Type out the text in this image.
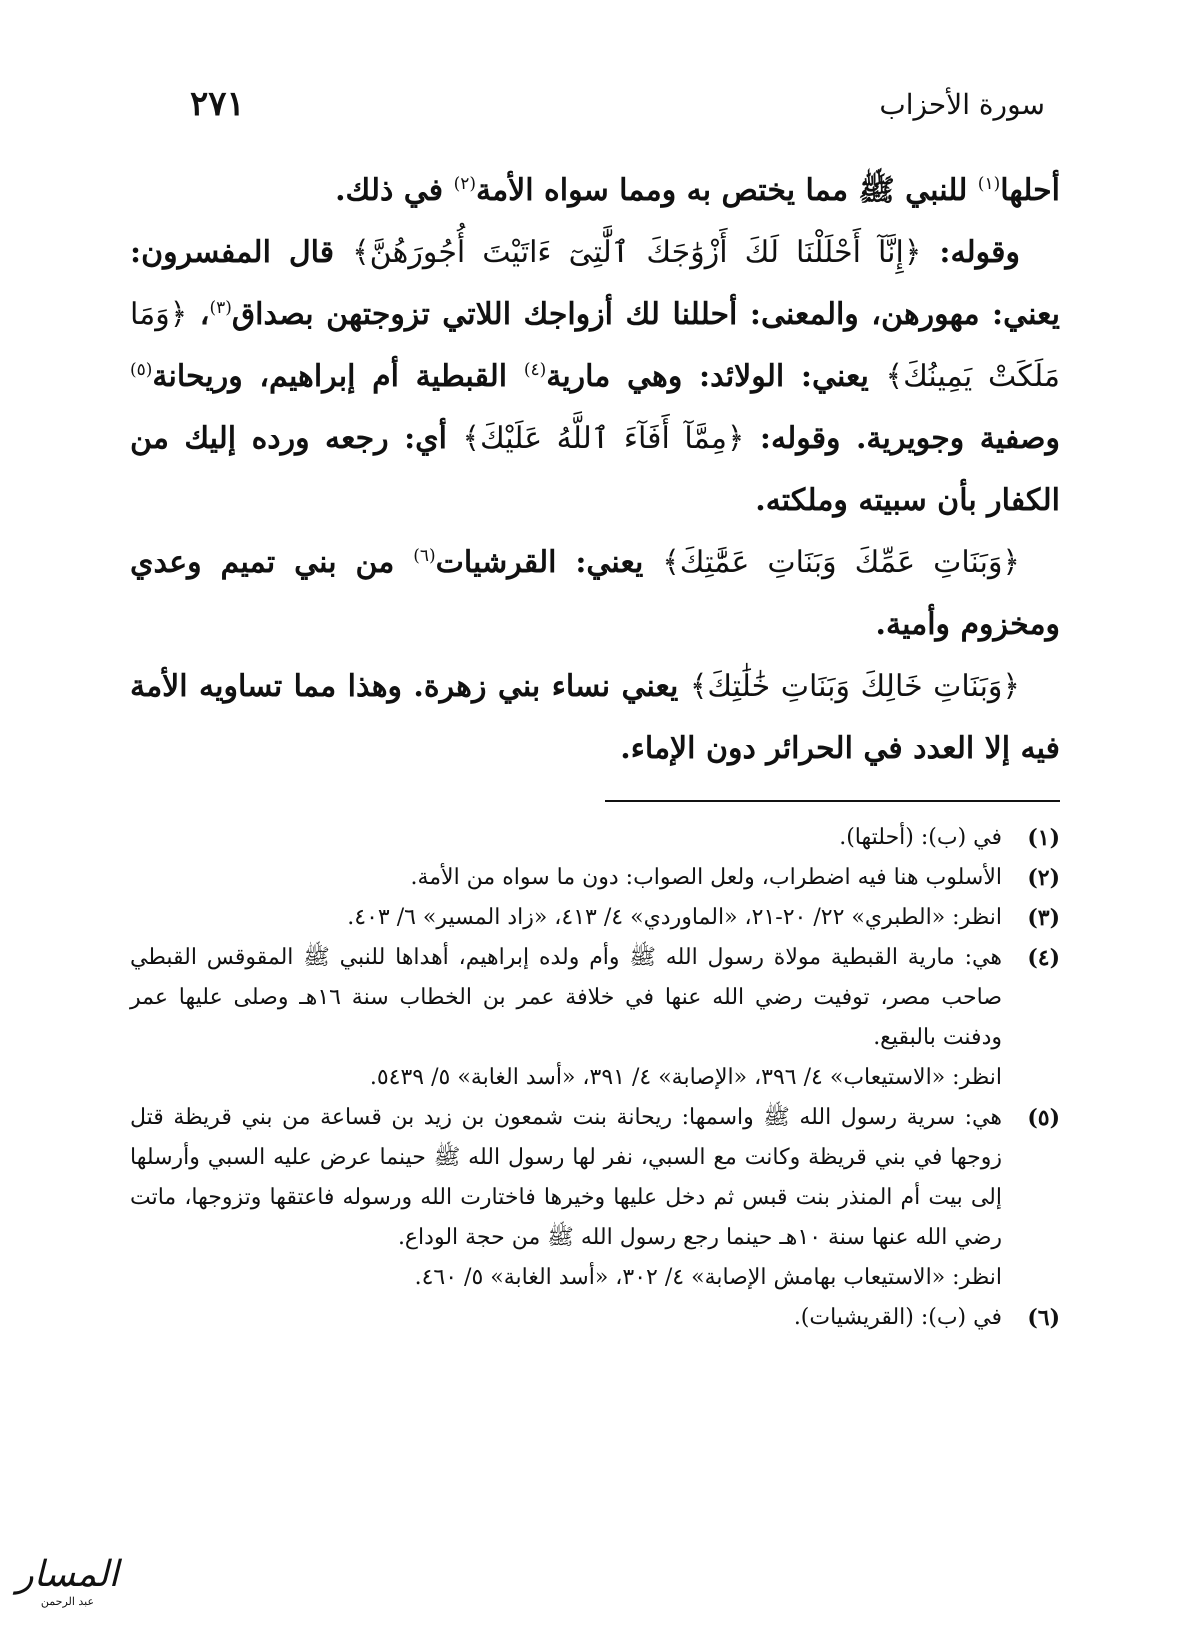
سورة الأحزاب
٢٧١

أحلها$^{(١)}$ للنبي ﷺ مما يختص به ومما سواه الأمة$^{(٢)}$ في ذلك.

وقوله: ﴿إِنَّآ أَحْلَلْنَا لَكَ أَزْوَٰجَكَ ٱلَّٰتِىٓ ءَاتَيْتَ أُجُورَهُنَّ﴾ قال المفسرون: يعني: مهورهن، والمعنى: أحللنا لك أزواجك اللاتي تزوجتهن بصداق$^{(٣)}$، ﴿وَمَا مَلَكَتْ يَمِينُكَ﴾ يعني: الولائد: وهي مارية$^{(٤)}$ القبطية أم إبراهيم، وريحانة$^{(٥)}$ وصفية وجويرية. وقوله: ﴿مِمَّآ أَفَآءَ ٱللَّهُ عَلَيْكَ﴾ أي: رجعه ورده إليك من الكفار بأن سبيته وملكته.

﴿وَبَنَاتِ عَمِّكَ وَبَنَاتِ عَمَّٰتِكَ﴾ يعني: القرشيات$^{(٦)}$ من بني تميم وعدي ومخزوم وأمية.

﴿وَبَنَاتِ خَالِكَ وَبَنَاتِ خَٰلَٰتِكَ﴾ يعني نساء بني زهرة. وهذا مما تساويه الأمة فيه إلا العدد في الحرائر دون الإماء.

(١)
في (ب): (أحلتها).
(٢)
الأسلوب هنا فيه اضطراب، ولعل الصواب: دون ما سواه من الأمة.
(٣)
انظر: «الطبري» ٢٢/ ٢٠-٢١، «الماوردي» ٤/ ٤١٣، «زاد المسير» ٦/ ٤٠٣.
(٤)
هي: مارية القبطية مولاة رسول الله ﷺ وأم ولده إبراهيم، أهداها للنبي ﷺ المقوقس القبطي صاحب مصر، توفيت رضي الله عنها في خلافة عمر بن الخطاب سنة ١٦هـ وصلى عليها عمر ودفنت بالبقيع.
انظر: «الاستيعاب» ٤/ ٣٩٦، «الإصابة» ٤/ ٣٩١، «أسد الغابة» ٥/ ٥٤٣٩.
(٥)
هي: سرية رسول الله ﷺ واسمها: ريحانة بنت شمعون بن زيد بن قساعة من بني قريظة قتل زوجها في بني قريظة وكانت مع السبي، نفر لها رسول الله ﷺ حينما عرض عليه السبي وأرسلها إلى بيت أم المنذر بنت قبس ثم دخل عليها وخيرها فاختارت الله ورسوله فاعتقها وتزوجها، ماتت رضي الله عنها سنة ١٠هـ حينما رجع رسول الله ﷺ من حجة الوداع.
انظر: «الاستيعاب بهامش الإصابة» ٤/ ٣٠٢، «أسد الغابة» ٥/ ٤٦٠.
(٦)
في (ب): (القريشيات).
المسار
عبد الرحمن
